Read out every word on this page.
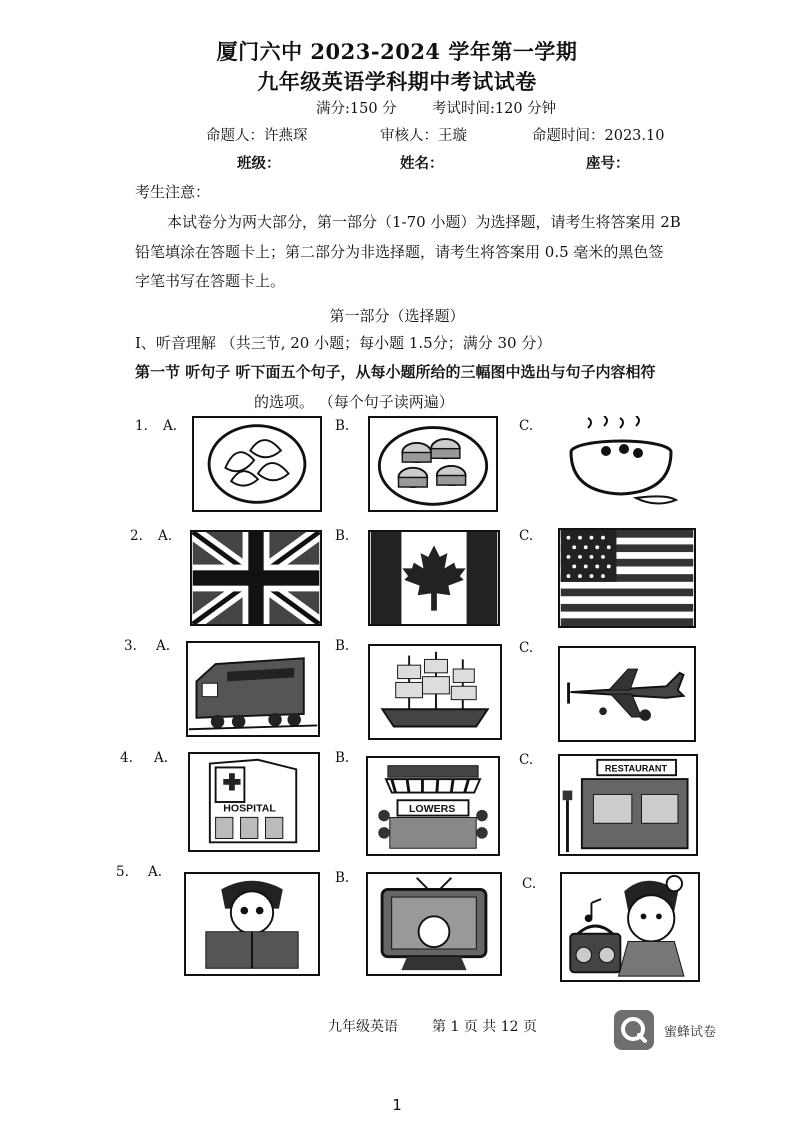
厦门六中 2023-2024 学年第一学期
九年级英语学科期中考试试卷
满分:150 分 考试时间:120 分钟
命题人：许燕琛	审核人：王璇	命题时间：2023.10
班级：	姓名：	座号：
考生注意：
本试卷分为两大部分，第一部分（1-70 小题）为选择题，请考生将答案用 2B
铅笔填涂在答题卡上；第二部分为非选择题，请考生将答案用 0.5 毫米的黑色签
字笔书写在答题卡上。
第一部分（选择题）
Ⅰ、听音理解 （共三节, 20 小题；每小题 1.5分；满分 30 分）
第一节 听句子 听下面五个句子，从每小题所给的三幅图中选出与句子内容相符
的选项。 （每个句子读两遍）
1. A.	B.	C.
2. A.	B.	C.
3. A.	B.	C.
4. A.
HOSPITAL
B.
LOWERS
C.
RESTAURANT
5. A.	B.	C.
九年级英语 第 1 页 共 12 页	蜜蜂试卷
1
